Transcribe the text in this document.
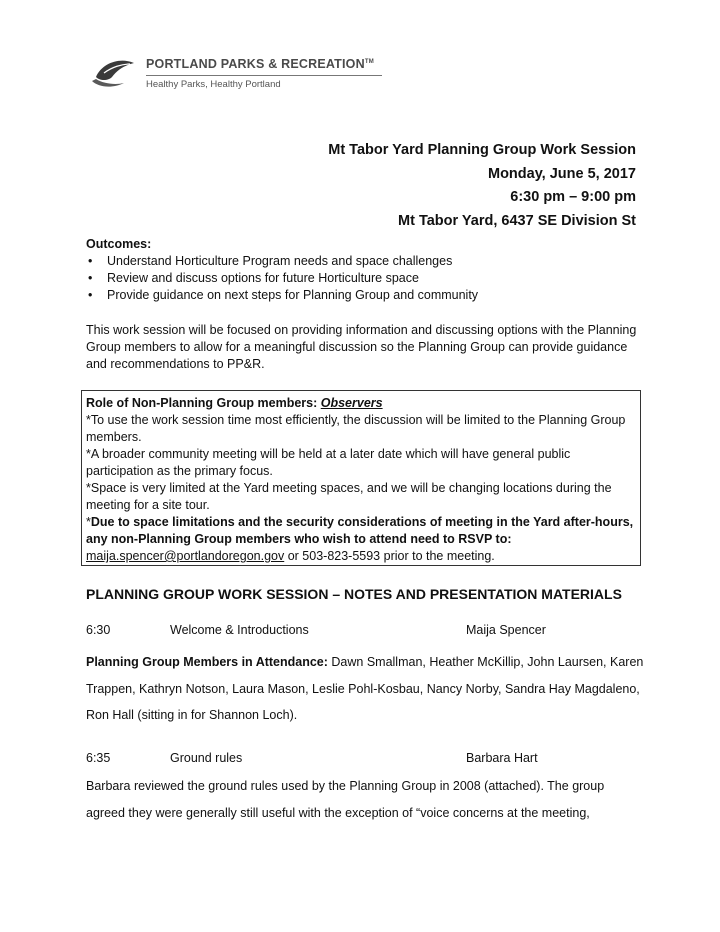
PORTLAND PARKS & RECREATION™
Healthy Parks, Healthy Portland
Mt Tabor Yard Planning Group Work Session
Monday, June 5, 2017
6:30 pm – 9:00 pm
Mt Tabor Yard, 6437 SE Division St
Outcomes:
• Understand Horticulture Program needs and space challenges
• Review and discuss options for future Horticulture space
• Provide guidance on next steps for Planning Group and community
This work session will be focused on providing information and discussing options with the Planning Group members to allow for a meaningful discussion so the Planning Group can provide guidance and recommendations to PP&R.

Role of Non-Planning Group members: Observers

*To use the work session time most efficiently, the discussion will be limited to the Planning Group members.

*A broader community meeting will be held at a later date which will have general public participation as the primary focus.

*Space is very limited at the Yard meeting spaces, and we will be changing locations during the meeting for a site tour.

*Due to space limitations and the security considerations of meeting in the Yard after-hours, any non-Planning Group members who wish to attend need to RSVP to:
maija.spencer@portlandoregon.gov or 503-823-5593 prior to the meeting.

PLANNING GROUP WORK SESSION – NOTES AND PRESENTATION MATERIALS
6:30	Welcome & Introductions	Maija Spencer
Planning Group Members in Attendance: Dawn Smallman, Heather McKillip, John Laursen, Karen Trappen, Kathryn Notson, Laura Mason, Leslie Pohl-Kosbau, Nancy Norby, Sandra Hay Magdaleno, Ron Hall (sitting in for Shannon Loch).
6:35	Ground rules	Barbara Hart
Barbara reviewed the ground rules used by the Planning Group in 2008 (attached). The group agreed they were generally still useful with the exception of “voice concerns at the meeting,
